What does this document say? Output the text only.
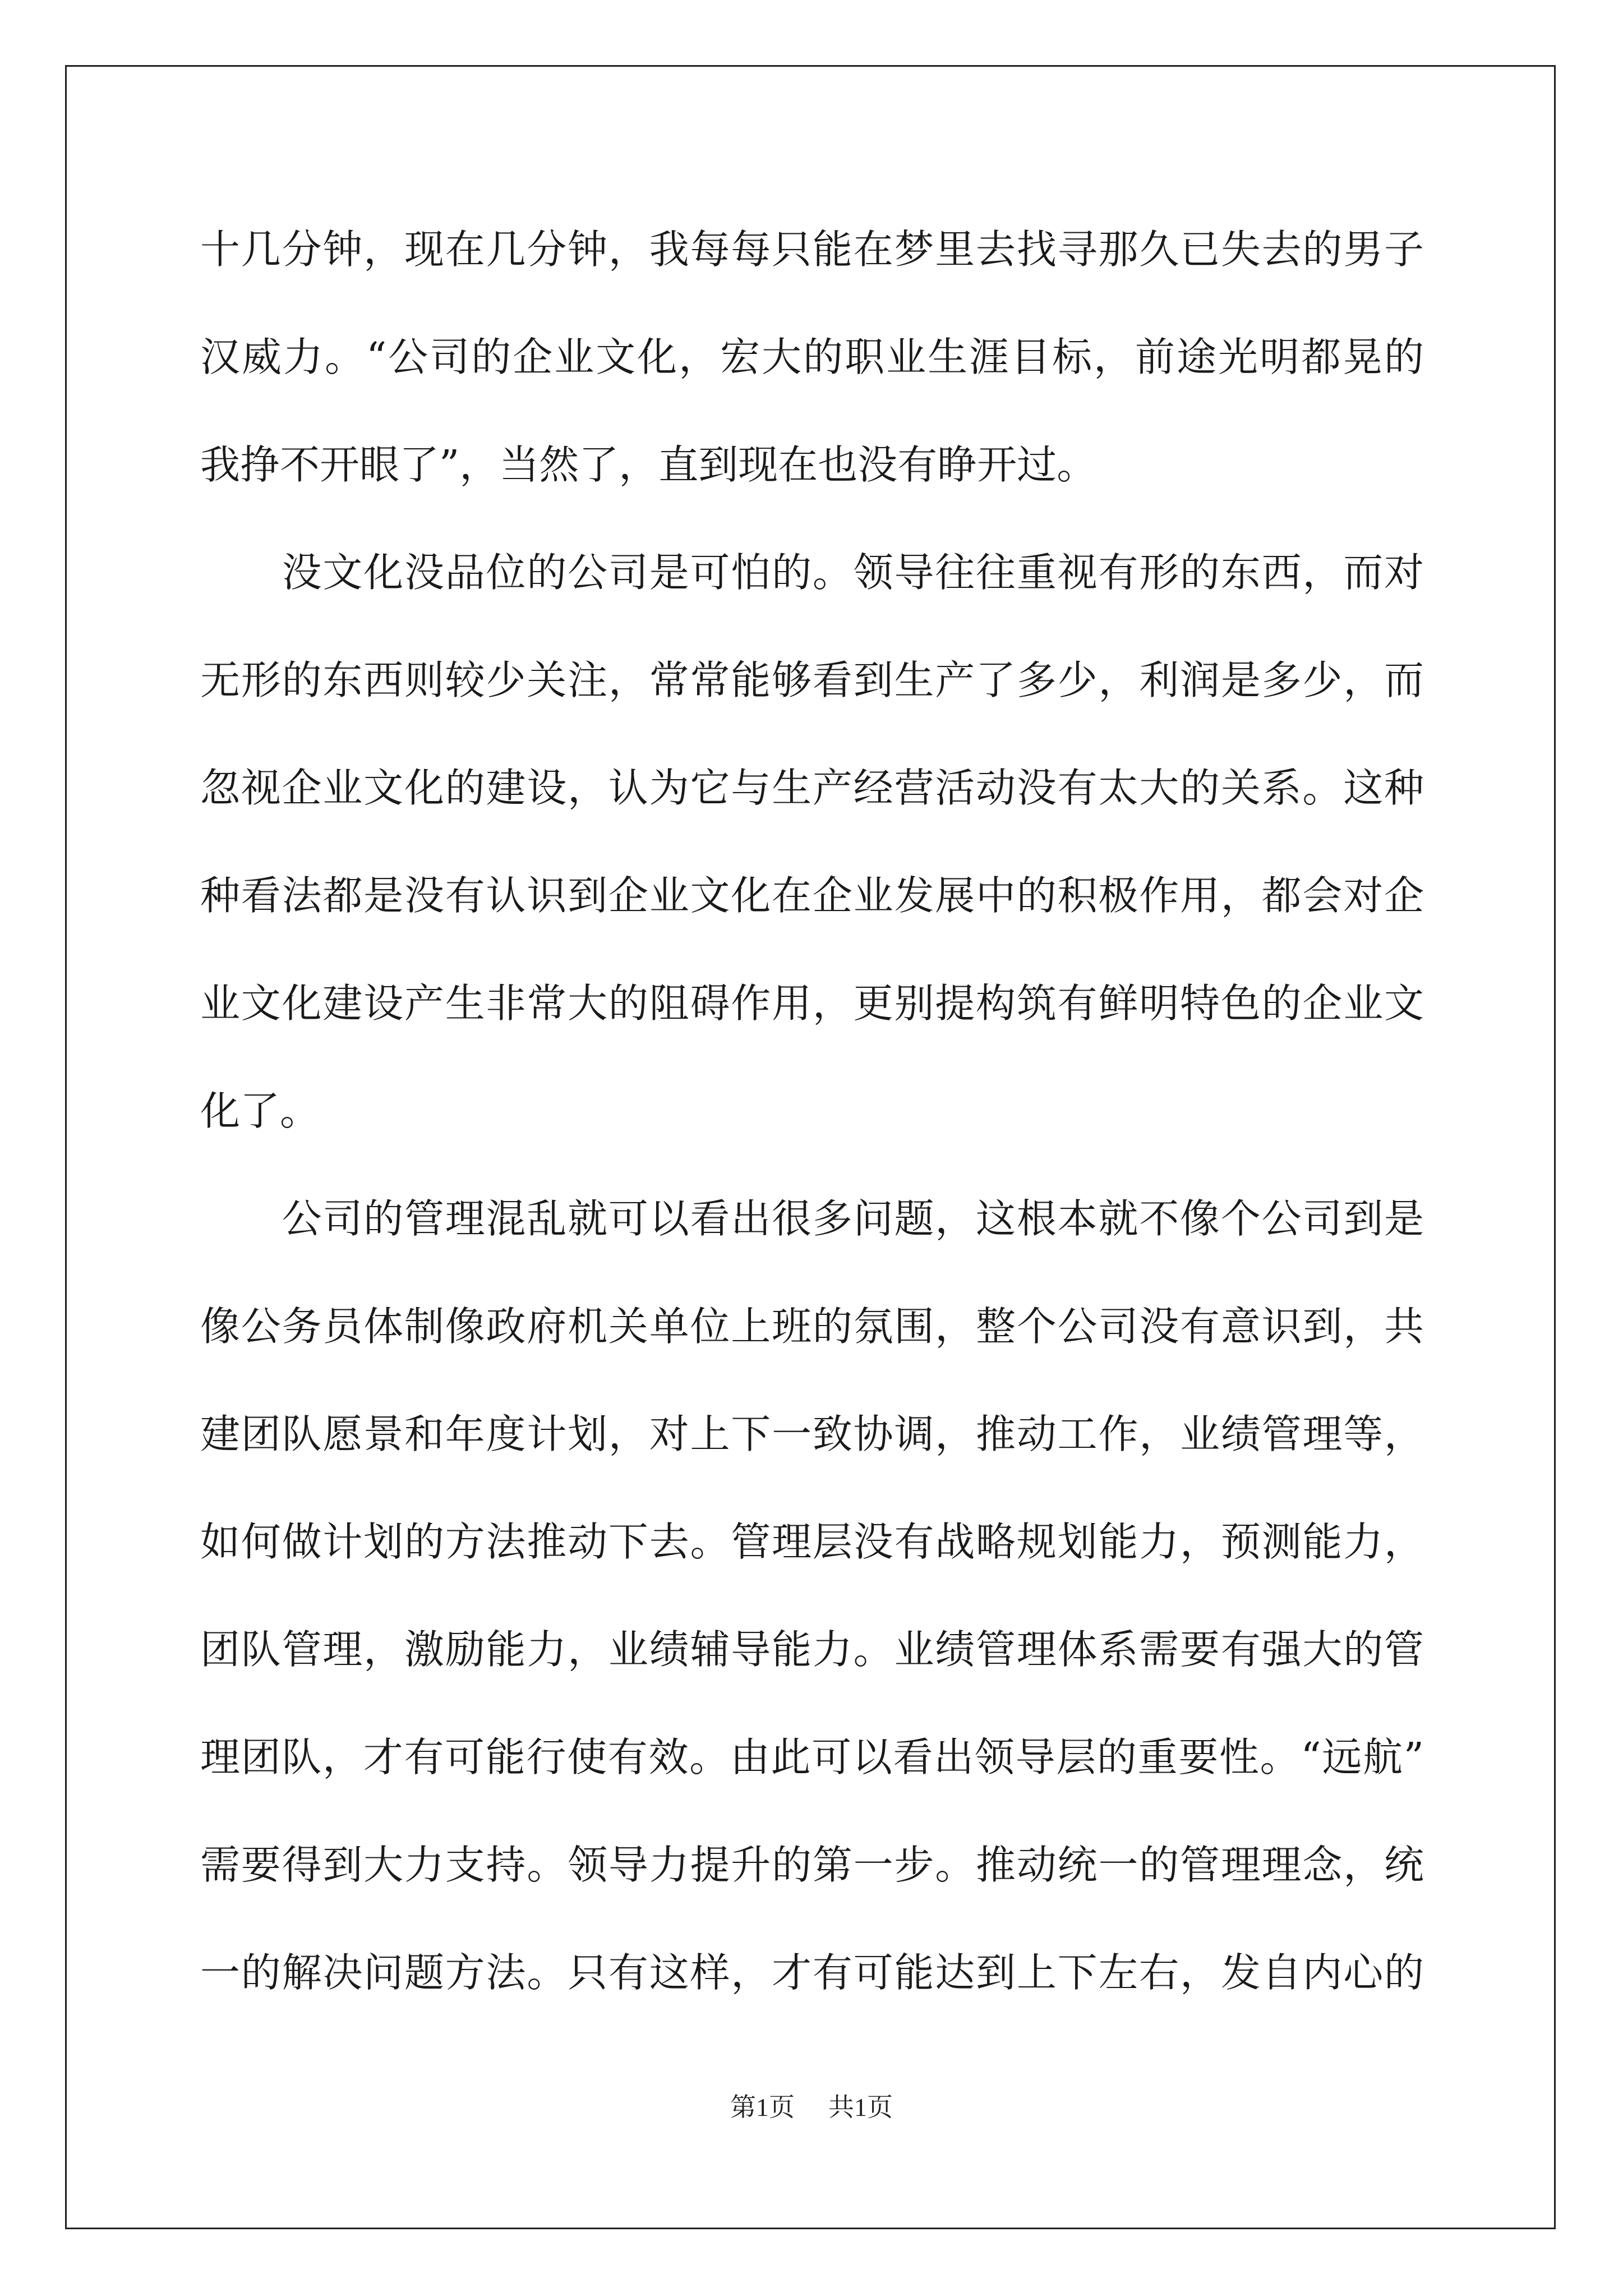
十几分钟，现在几分钟，我每每只能在梦里去找寻那久已失去的男子
汉威力。“公司的企业文化，宏大的职业生涯目标，前途光明都晃的
我挣不开眼了”，当然了，直到现在也没有睁开过。
　　没文化没品位的公司是可怕的。领导往往重视有形的东西，而对
无形的东西则较少关注，常常能够看到生产了多少，利润是多少，而
忽视企业文化的建设，认为它与生产经营活动没有太大的关系。这种
种看法都是没有认识到企业文化在企业发展中的积极作用，都会对企
业文化建设产生非常大的阻碍作用，更别提构筑有鲜明特色的企业文
化了。
　　公司的管理混乱就可以看出很多问题，这根本就不像个公司到是
像公务员体制像政府机关单位上班的氛围，整个公司没有意识到，共
建团队愿景和年度计划，对上下一致协调，推动工作，业绩管理等，
如何做计划的方法推动下去。管理层没有战略规划能力，预测能力，
团队管理，激励能力，业绩辅导能力。业绩管理体系需要有强大的管
理团队，才有可能行使有效。由此可以看出领导层的重要性。“远航”
需要得到大力支持。领导力提升的第一步。推动统一的管理理念，统
一的解决问题方法。只有这样，才有可能达到上下左右，发自内心的
第1页 共1页
